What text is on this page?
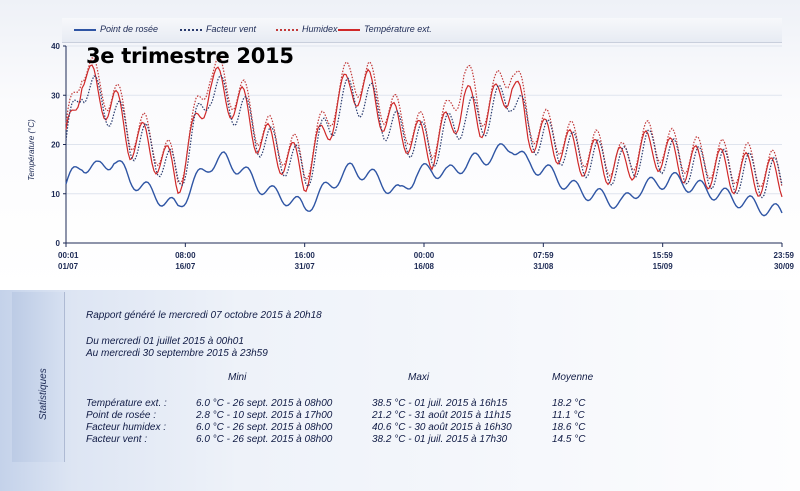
0
10
20
30
40
00:01
01/07
08:00
16/07
16:00
31/07
00:00
16/08
07:59
31/08
15:59
15/09
23:59
30/09
Température (°C)
Point de rosée	Facteur vent	Humidex	Température ext.
3e trimestre 2015
Statistiques
Rapport généré le mercredi 07 octobre 2015 à 20h18
Du mercredi 01 juillet 2015 à 00h01
Au mercredi 30 septembre 2015 à 23h59
Mini	Maxi	Moyenne
Température ext. :	6.0 °C - 26 sept. 2015 à 08h00	38.5 °C - 01 juil. 2015 à 16h15	18.2 °C
Point de rosée :	2.8 °C - 10 sept. 2015 à 17h00	21.2 °C - 31 août 2015 à 11h15	11.1 °C
Facteur humidex :	6.0 °C - 26 sept. 2015 à 08h00	40.6 °C - 30 août 2015 à 16h30	18.6 °C
Facteur vent :	6.0 °C - 26 sept. 2015 à 08h00	38.2 °C - 01 juil. 2015 à 17h30	14.5 °C
